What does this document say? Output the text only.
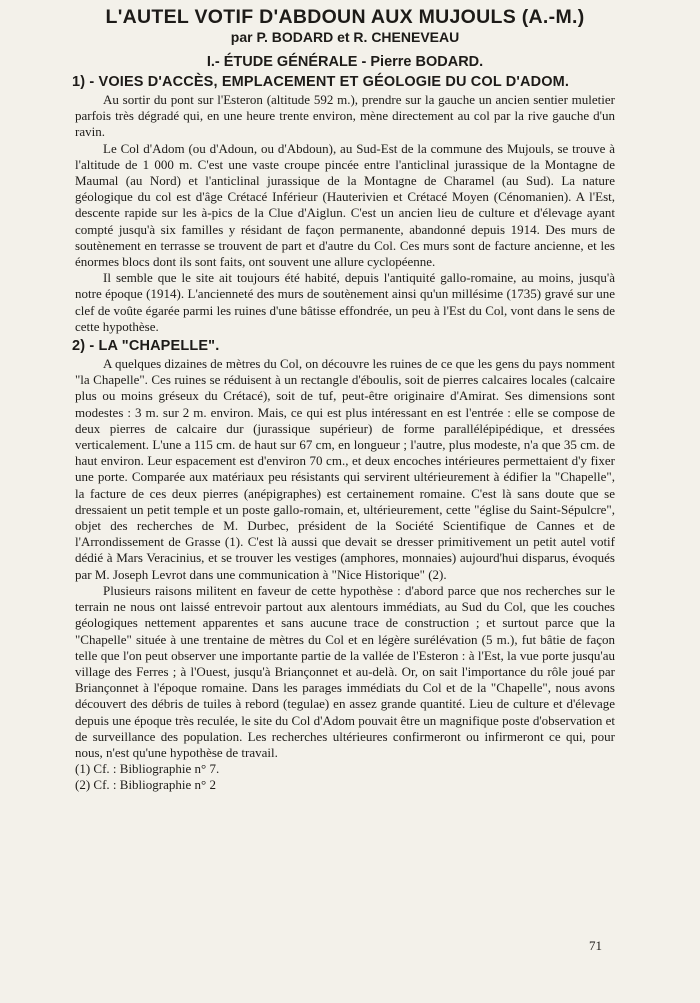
L'AUTEL VOTIF D'ABDOUN AUX MUJOULS (A.-M.)
par P. BODARD et R. CHENEVEAU
I.- ÉTUDE GÉNÉRALE - Pierre BODARD.
1) - VOIES D'ACCÈS, EMPLACEMENT ET GÉOLOGIE DU COL D'ADOM.

Au sortir du pont sur l'Esteron (altitude 592 m.), prendre sur la gauche un ancien sentier muletier parfois très dégradé qui, en une heure trente environ, mène directement au col par la rive gauche d'un ravin.

Le Col d'Adom (ou d'Adoun, ou d'Abdoun), au Sud-Est de la commune des Mujouls, se trouve à l'altitude de 1 000 m. C'est une vaste croupe pincée entre l'anticlinal jurassique de la Montagne de Maumal (au Nord) et l'anticlinal jurassique de la Montagne de Charamel (au Sud). La nature géologique du col est d'âge Crétacé Inférieur (Hauterivien et Crétacé Moyen (Cénomanien). A l'Est, descente rapide sur les à-pics de la Clue d'Aiglun. C'est un ancien lieu de culture et d'élevage ayant compté jusqu'à six familles y résidant de façon permanente, abandonné depuis 1914. Des murs de soutènement en terrasse se trouvent de part et d'autre du Col. Ces murs sont de facture ancienne, et les énormes blocs dont ils sont faits, ont souvent une allure cyclopéenne.

Il semble que le site ait toujours été habité, depuis l'antiquité gallo-romaine, au moins, jusqu'à notre époque (1914). L'ancienneté des murs de soutènement ainsi qu'un millésime (1735) gravé sur une clef de voûte égarée parmi les ruines d'une bâtisse effondrée, un peu à l'Est du Col, vont dans le sens de cette hypothèse.

2) - LA "CHAPELLE".

A quelques dizaines de mètres du Col, on découvre les ruines de ce que les gens du pays nomment "la Chapelle". Ces ruines se réduisent à un rectangle d'éboulis, soit de pierres calcaires locales (calcaire plus ou moins gréseux du Crétacé), soit de tuf, peut-être originaire d'Amirat. Ses dimensions sont modestes : 3 m. sur 2 m. environ. Mais, ce qui est plus intéressant en est l'entrée : elle se compose de deux pierres de calcaire dur (jurassique supérieur) de forme parallélépipédique, et dressées verticalement. L'une a 115 cm. de haut sur 67 cm, en longueur ; l'autre, plus modeste, n'a que 35 cm. de haut environ. Leur espacement est d'environ 70 cm., et deux encoches intérieures permettaient d'y fixer une porte. Comparée aux matériaux peu résistants qui servirent ultérieurement à édifier la "Chapelle", la facture de ces deux pierres (anépigraphes) est certainement romaine. C'est là sans doute que se dressaient un petit temple et un poste gallo-romain, et, ultérieurement, cette "église du Saint-Sépulcre", objet des recherches de M. Durbec, président de la Société Scientifique de Cannes et de l'Arrondissement de Grasse (1). C'est là aussi que devait se dresser primitivement un petit autel votif dédié à Mars Veracinius, et se trouver les vestiges (amphores, monnaies) aujourd'hui disparus, évoqués par M. Joseph Levrot dans une communication à "Nice Historique" (2).

Plusieurs raisons militent en faveur de cette hypothèse : d'abord parce que nos recherches sur le terrain ne nous ont laissé entrevoir partout aux alentours immédiats, au Sud du Col, que les couches géologiques nettement apparentes et sans aucune trace de construction ; et surtout parce que la "Chapelle" située à une trentaine de mètres du Col et en légère surélévation (5 m.), fut bâtie de façon telle que l'on peut observer une importante partie de la vallée de l'Esteron : à l'Est, la vue porte jusqu'au village des Ferres ; à l'Ouest, jusqu'à Briançonnet et au-delà. Or, on sait l'importance du rôle joué par Briançonnet à l'époque romaine. Dans les parages immédiats du Col et de la "Chapelle", nous avons découvert des débris de tuiles à rebord (tegulae) en assez grande quantité. Lieu de culture et d'élevage depuis une époque très reculée, le site du Col d'Adom pouvait être un magnifique poste d'observation et de surveillance des population. Les recherches ultérieures confirmeront ou infirmeront ce qui, pour nous, n'est qu'une hypothèse de travail.

(1) Cf. : Bibliographie n° 7.
(2) Cf. : Bibliographie n° 2
71
